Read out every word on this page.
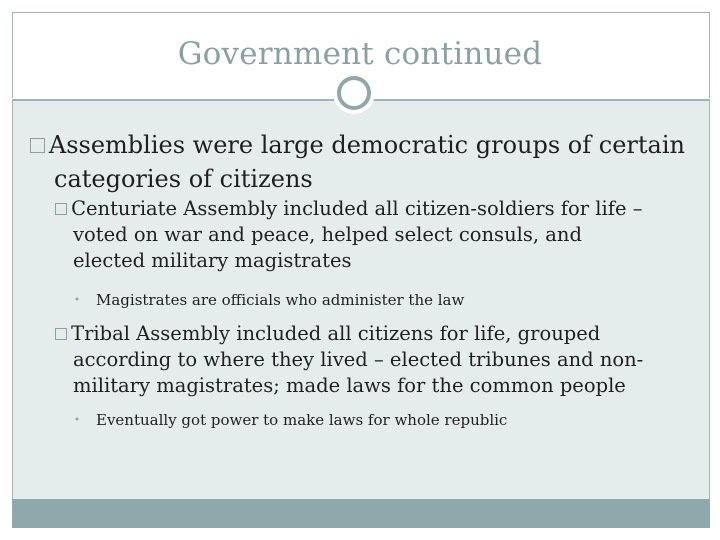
Government continued
Assemblies were large democratic groups of certain
categories of citizens
Centuriate Assembly included all citizen-soldiers for life –
voted on war and peace, helped select consuls, and
elected military magistrates
• Magistrates are officials who administer the law
Tribal Assembly included all citizens for life, grouped
according to where they lived – elected tribunes and non-
military magistrates; made laws for the common people
• Eventually got power to make laws for whole republic
